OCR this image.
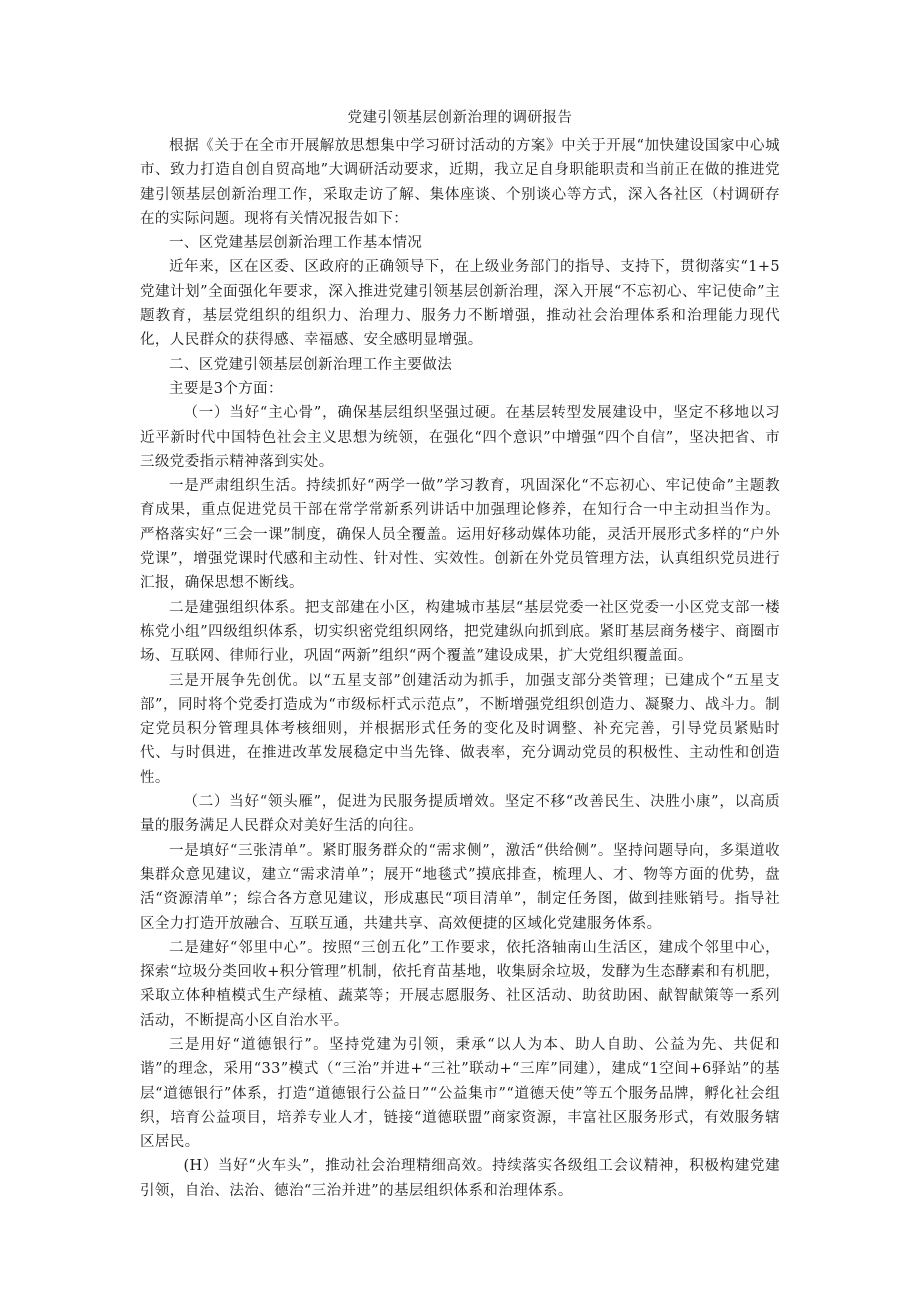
党建引领基层创新治理的调研报告

根据《关于在全市开展解放思想集中学习研讨活动的方案》中关于开展“加快建设国家中心城市、致力打造自创自贸高地”大调研活动要求，近期，我立足自身职能职责和当前正在做的推进党建引领基层创新治理工作，采取走访了解、集体座谈、个别谈心等方式，深入各社区（村调研存在的实际问题。现将有关情况报告如下：

一、区党建基层创新治理工作基本情况

近年来，区在区委、区政府的正确领导下，在上级业务部门的指导、支持下，贯彻落实“1+5党建计划”全面强化年要求，深入推进党建引领基层创新治理，深入开展“不忘初心、牢记使命”主题教育，基层党组织的组织力、治理力、服务力不断增强，推动社会治理体系和治理能力现代化，人民群众的获得感、幸福感、安全感明显增强。

二、区党建引领基层创新治理工作主要做法

主要是3个方面：

（一）当好“主心骨”，确保基层组织坚强过硬。在基层转型发展建设中，坚定不移地以习近平新时代中国特色社会主义思想为统领，在强化“四个意识”中增强“四个自信”，坚决把省、市三级党委指示精神落到实处。

一是严肃组织生活。持续抓好“两学一做”学习教育，巩固深化“不忘初心、牢记使命”主题教育成果，重点促进党员干部在常学常新系列讲话中加强理论修养，在知行合一中主动担当作为。严格落实好“三会一课”制度，确保人员全覆盖。运用好移动媒体功能，灵活开展形式多样的“户外党课”，增强党课时代感和主动性、针对性、实效性。创新在外党员管理方法，认真组织党员进行汇报，确保思想不断线。

二是建强组织体系。把支部建在小区，构建城市基层“基层党委一社区党委一小区党支部一楼栋党小组”四级组织体系，切实织密党组织网络，把党建纵向抓到底。紧盯基层商务楼宇、商圈市场、互联网、律师行业，巩固“两新”组织“两个覆盖”建设成果，扩大党组织覆盖面。

三是开展争先创优。以“五星支部”创建活动为抓手，加强支部分类管理；已建成个“五星支部”，同时将个党委打造成为“市级标杆式示范点”，不断增强党组织创造力、凝聚力、战斗力。制定党员积分管理具体考核细则，并根据形式任务的变化及时调整、补充完善，引导党员紧贴时代、与时俱进，在推进改革发展稳定中当先锋、做表率，充分调动党员的积极性、主动性和创造性。

（二）当好“领头雁”，促进为民服务提质增效。坚定不移“改善民生、决胜小康”，以高质量的服务满足人民群众对美好生活的向往。

一是填好“三张清单”。紧盯服务群众的“需求侧”，激活“供给侧”。坚持问题导向，多渠道收集群众意见建议，建立“需求清单”；展开“地毯式”摸底排查，梳理人、才、物等方面的优势，盘活“资源清单”；综合各方意见建议，形成惠民“项目清单”，制定任务图，做到挂账销号。指导社区全力打造开放融合、互联互通，共建共享、高效便捷的区域化党建服务体系。

二是建好“邻里中心”。按照“三创五化”工作要求，依托洛轴南山生活区，建成个邻里中心，探索“垃圾分类回收+积分管理”机制，依托育苗基地，收集厨余垃圾，发酵为生态酵素和有机肥，采取立体种植模式生产绿植、蔬菜等；开展志愿服务、社区活动、助贫助困、献智献策等一系列活动，不断提高小区自治水平。

三是用好“道德银行”。坚持党建为引领，秉承“以人为本、助人自助、公益为先、共促和谐”的理念，采用“33”模式（“三治”并进+“三社”联动+“三库”同建），建成“1空间+6驿站”的基层“道德银行”体系，打造“道德银行公益日”“公益集市”“道德天使”等五个服务品牌，孵化社会组织，培育公益项目，培养专业人才，链接“道德联盟”商家资源，丰富社区服务形式，有效服务辖区居民。

(H）当好“火车头”，推动社会治理精细高效。持续落实各级组工会议精神，积极构建党建引领，自治、法治、德治“三治并进”的基层组织体系和治理体系。
